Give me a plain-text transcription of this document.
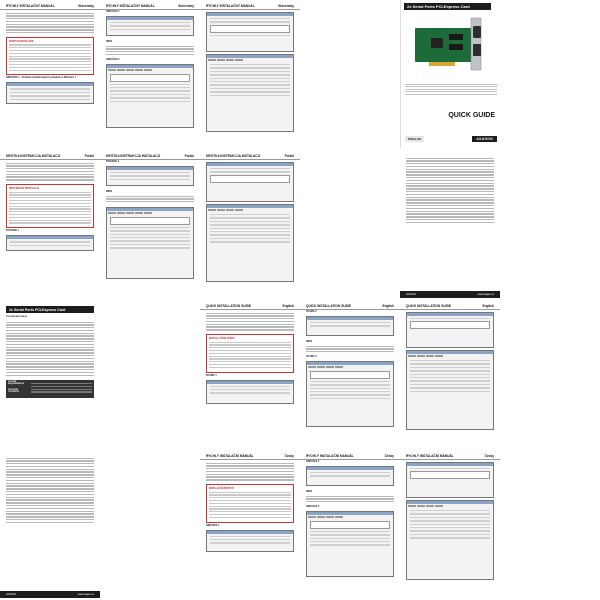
RÝCHLY INŠTALAČNÝ MANUÁL	Slovensky
POSTUP INŠTALÁCIE
OBRÁZOK 1 – Prehľad nainštalovaných zariadení vo Windows 7
RÝCHLY INŠTALAČNÝ MANUÁL	Slovensky
OBRÁZOK 2
INFO
OBRÁZOK 3
RÝCHLY INŠTALAČNÝ MANUÁL	Slovensky	2x Serial Ports PCI-Express Card
QUICK GUIDE
PCEA-S2	AXAGON
KRÓTKA INSTRUKCJA INSTALACJI	Polski
PROCEDURA INSTALACJI
RYSUNEK 1
KRÓTKA INSTRUKCJA INSTALACJI	Polski
RYSUNEK 2
INFO
KRÓTKA INSTRUKCJA INSTALACJI	Polski
AXAGON	www.axagon.eu
2x Serial Ports PCI-Express Card
TECHNICKÉ ÚDAJE
SYSTEM REQUIREMENTS
PACKAGE CONTENTS
QUICK INSTALLATION GUIDE	English
INSTALLATION STEPS
FIGURE 1
QUICK INSTALLATION GUIDE	English
FIGURE 2
INFO
FIGURE 3
QUICK INSTALLATION GUIDE	English
AXAGON	www.axagon.eu
RYCHLÝ INSTALAČNÍ MANUÁL	Česky
INSTALAČNÍ POSTUP
OBRÁZEK 1
RYCHLÝ INSTALAČNÍ MANUÁL	Česky
OBRÁZEK 2
INFO
OBRÁZEK 3
RYCHLÝ INSTALAČNÍ MANUÁL	Česky
